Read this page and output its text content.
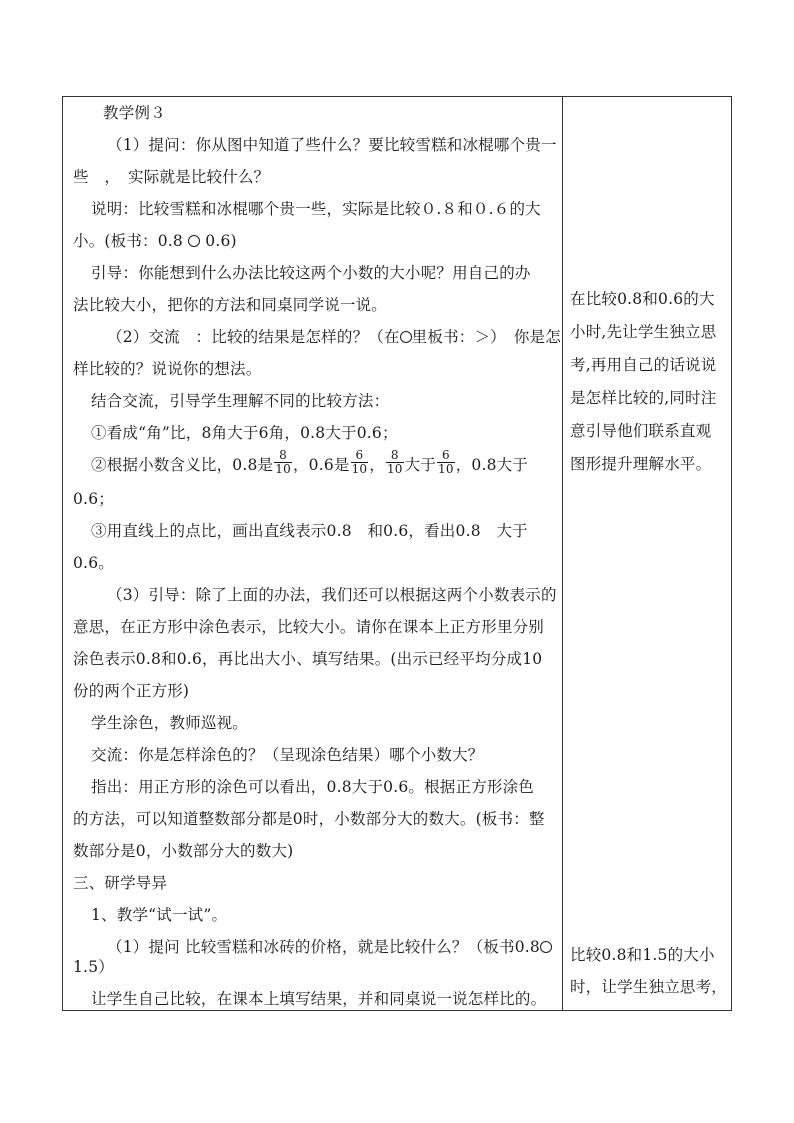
教学例３
（1）提问：你从图中知道了些什么？要比较雪糕和冰棍哪个贵一
些　，　实际就是比较什么？
说明：比较雪糕和冰棍哪个贵一些，实际是比较０.８和０.６的大
小。(板书：0.8 0.6)
引导：你能想到什么办法比较这两个小数的大小呢？用自己的办
法比较大小，把你的方法和同桌同学说一说。
（2）交流　：比较的结果是怎样的？（在 里板书：＞）　你是怎
样比较的？说说你的想法。
结合交流，引导学生理解不同的比较方法：
①看成“角”比，8角大于6角，0.8大于0.6；
②根据小数含义比，0.8是 $\frac{8}{10}$ ，0.6是 $\frac{6}{10}$ ， $\frac{8}{10}$ 大于 $\frac{6}{10}$ ，0.8大于
0.6；
③用直线上的点比，画出直线表示0.8　和0.6，看出0.8　大于
0.6。
（3）引导：除了上面的办法，我们还可以根据这两个小数表示的
意思，在正方形中涂色表示，比较大小。请你在课本上正方形里分别
涂色表示0.8和0.6，再比出大小、填写结果。(出示已经平均分成10
份的两个正方形)
学生涂色，教师巡视。
交流：你是怎样涂色的？（呈现涂色结果）哪个小数大？
指出：用正方形的涂色可以看出，0.8大于0.6。根据正方形涂色
的方法，可以知道整数部分都是0时，小数部分大的数大。(板书：整
数部分是0，小数部分大的数大)
三、研学导异
1、教学“试一试”。
（1）提问 比较雪糕和冰砖的价格，就是比较什么？（板书0.8
1.5）
让学生自己比较，在课本上填写结果，并和同桌说一说怎样比的。
在比较0.8和0.6的大
小时,先让学生独立思
考,再用自己的话说说
是怎样比较的,同时注
意引导他们联系直观
图形提升理解水平。
比较0.8和1.5的大小
时，让学生独立思考，
